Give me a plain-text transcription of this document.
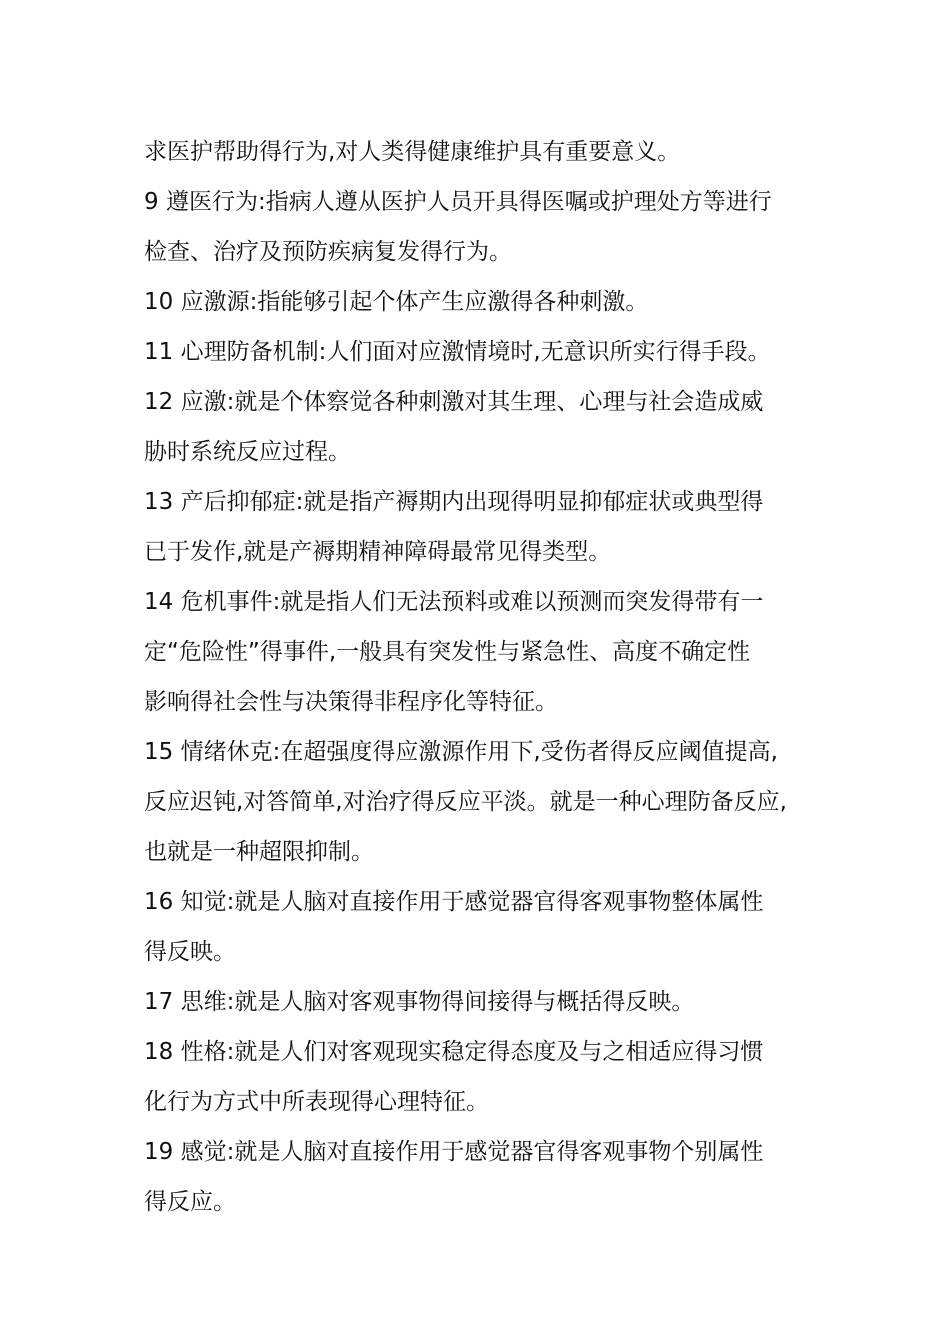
求医护帮助得行为,对人类得健康维护具有重要意义。
9 遵医行为:指病人遵从医护人员开具得医嘱或护理处方等进行
检查、治疗及预防疾病复发得行为。
10 应激源:指能够引起个体产生应激得各种刺激。
11 心理防备机制:人们面对应激情境时,无意识所实行得手段。
12 应激:就是个体察觉各种刺激对其生理、心理与社会造成威
胁时系统反应过程。
13 产后抑郁症:就是指产褥期内出现得明显抑郁症状或典型得
已于发作,就是产褥期精神障碍最常见得类型。
14 危机事件:就是指人们无法预料或难以预测而突发得带有一
定“危险性”得事件,一般具有突发性与紧急性、高度不确定性
影响得社会性与决策得非程序化等特征。
15 情绪休克:在超强度得应激源作用下,受伤者得反应阈值提高,
反应迟钝,对答简单,对治疗得反应平淡。就是一种心理防备反应,
也就是一种超限抑制。
16 知觉:就是人脑对直接作用于感觉器官得客观事物整体属性
得反映。
17 思维:就是人脑对客观事物得间接得与概括得反映。
18 性格:就是人们对客观现实稳定得态度及与之相适应得习惯
化行为方式中所表现得心理特征。
19 感觉:就是人脑对直接作用于感觉器官得客观事物个别属性
得反应。
